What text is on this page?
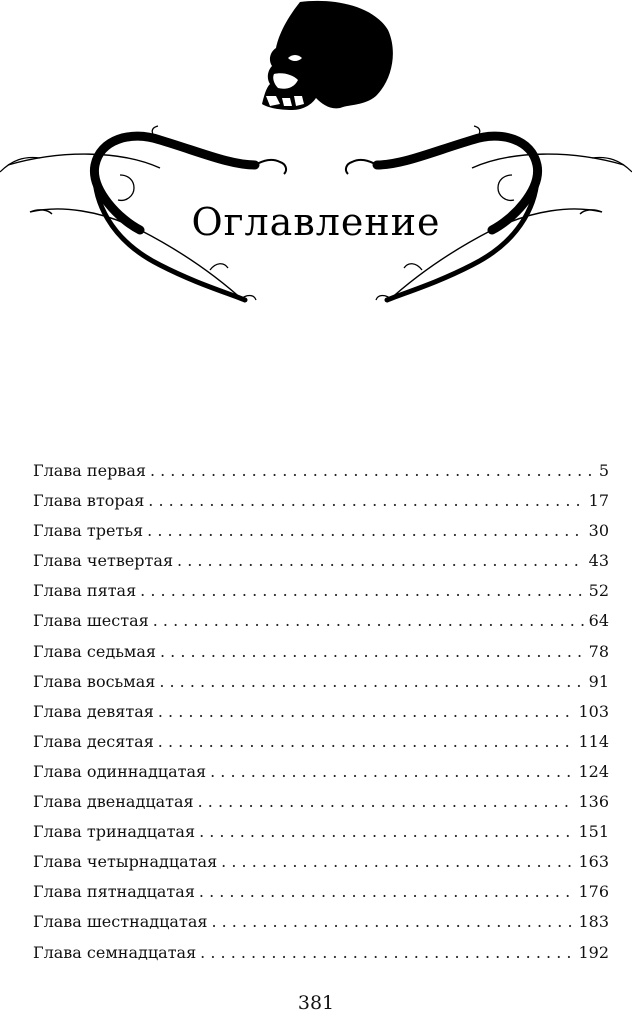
Оглавление
Глава первая . . .	5
Глава вторая . . .	17
Глава третья . . .	30
Глава четвертая . . .	43
Глава пятая . . .	52
Глава шестая . . .	64
Глава седьмая . . .	78
Глава восьмая . . .	91
Глава девятая . . .	103
Глава десятая . . .	114
Глава одиннадцатая . . .	124
Глава двенадцатая . . .	136
Глава тринадцатая . . .	151
Глава четырнадцатая . . .	163
Глава пятнадцатая . . .	176
Глава шестнадцатая . . .	183
Глава семнадцатая . . .	192
381
